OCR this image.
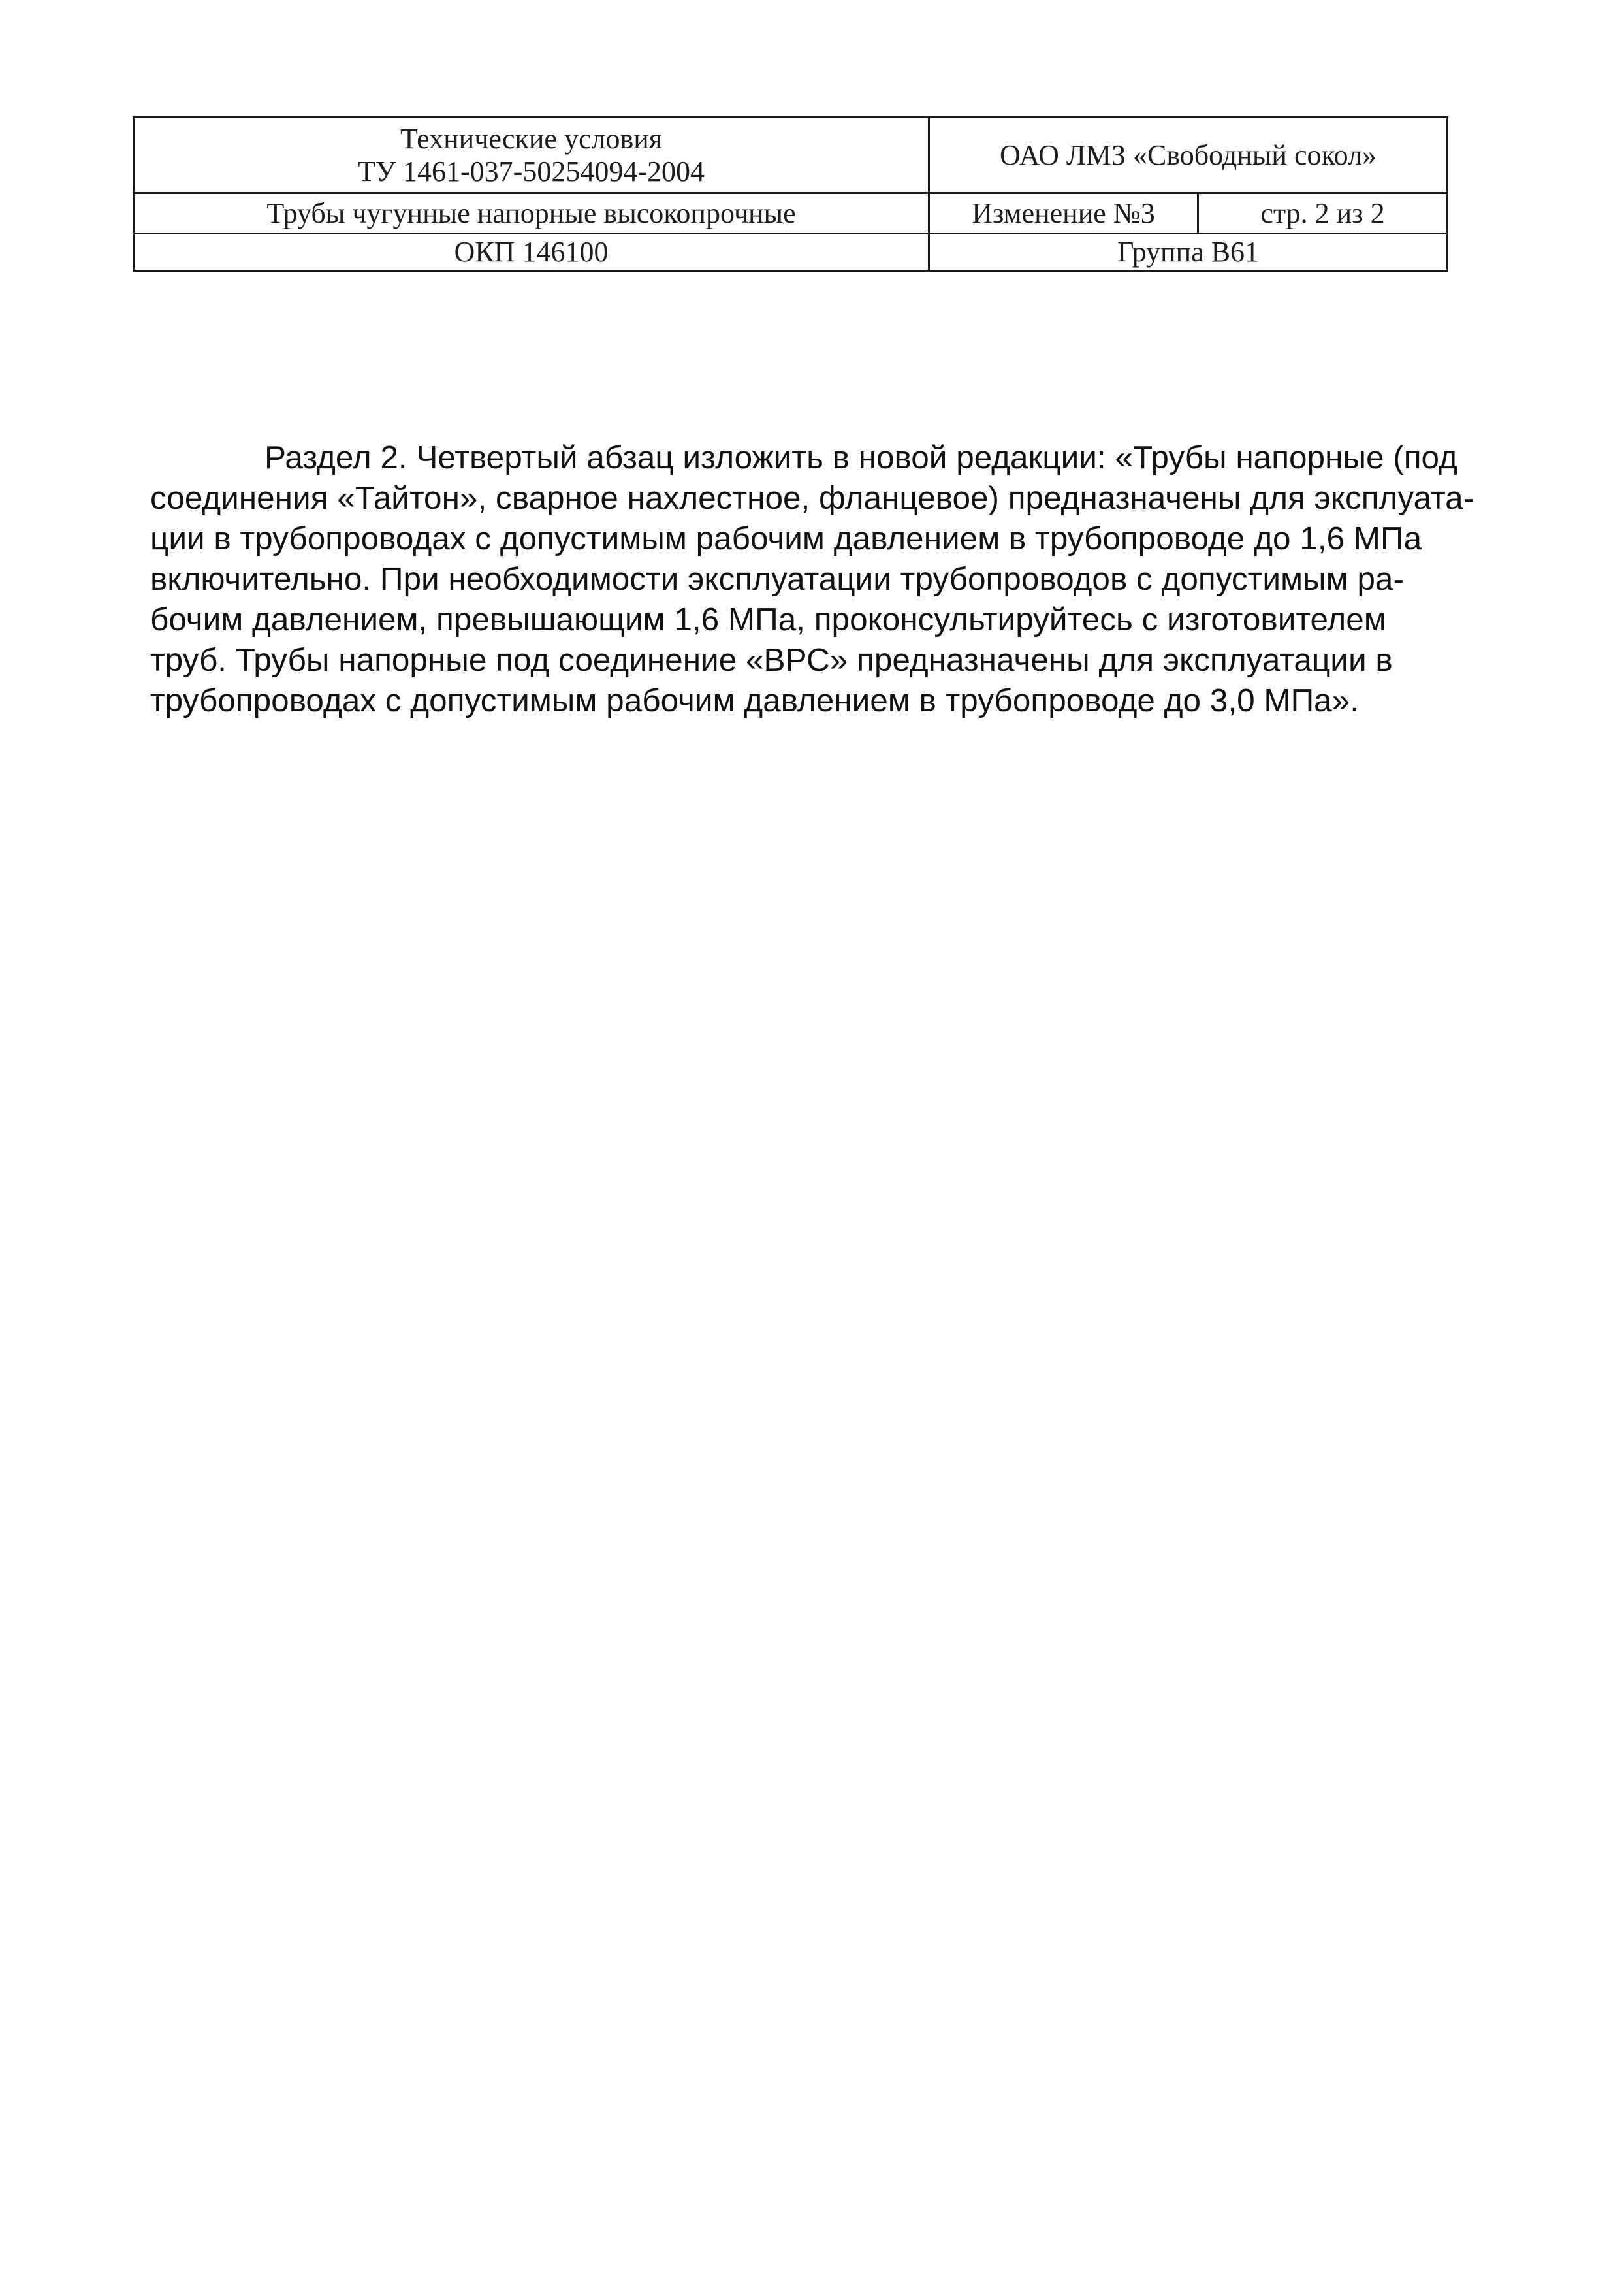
Технические условия
ТУ 1461-037-50254094-2004	ОАО ЛМЗ «Свободный сокол»	
Трубы чугунные напорные высокопрочные	Изменение №3	стр. 2 из 2
ОКП 146100	Группа В61	

Раздел 2. Четвертый абзац изложить в новой редакции: «Трубы напорные (под
соединения «Тайтон», сварное нахлестное, фланцевое) предназначены для эксплуата-
ции в трубопроводах с допустимым рабочим давлением в трубопроводе до 1,6 МПа
включительно. При необходимости эксплуатации трубопроводов с допустимым ра-
бочим давлением, превышающим 1,6 МПа, проконсультируйтесь с изготовителем
труб. Трубы напорные под соединение «ВРС» предназначены для эксплуатации в
трубопроводах с допустимым рабочим давлением в трубопроводе до 3,0 МПа».
